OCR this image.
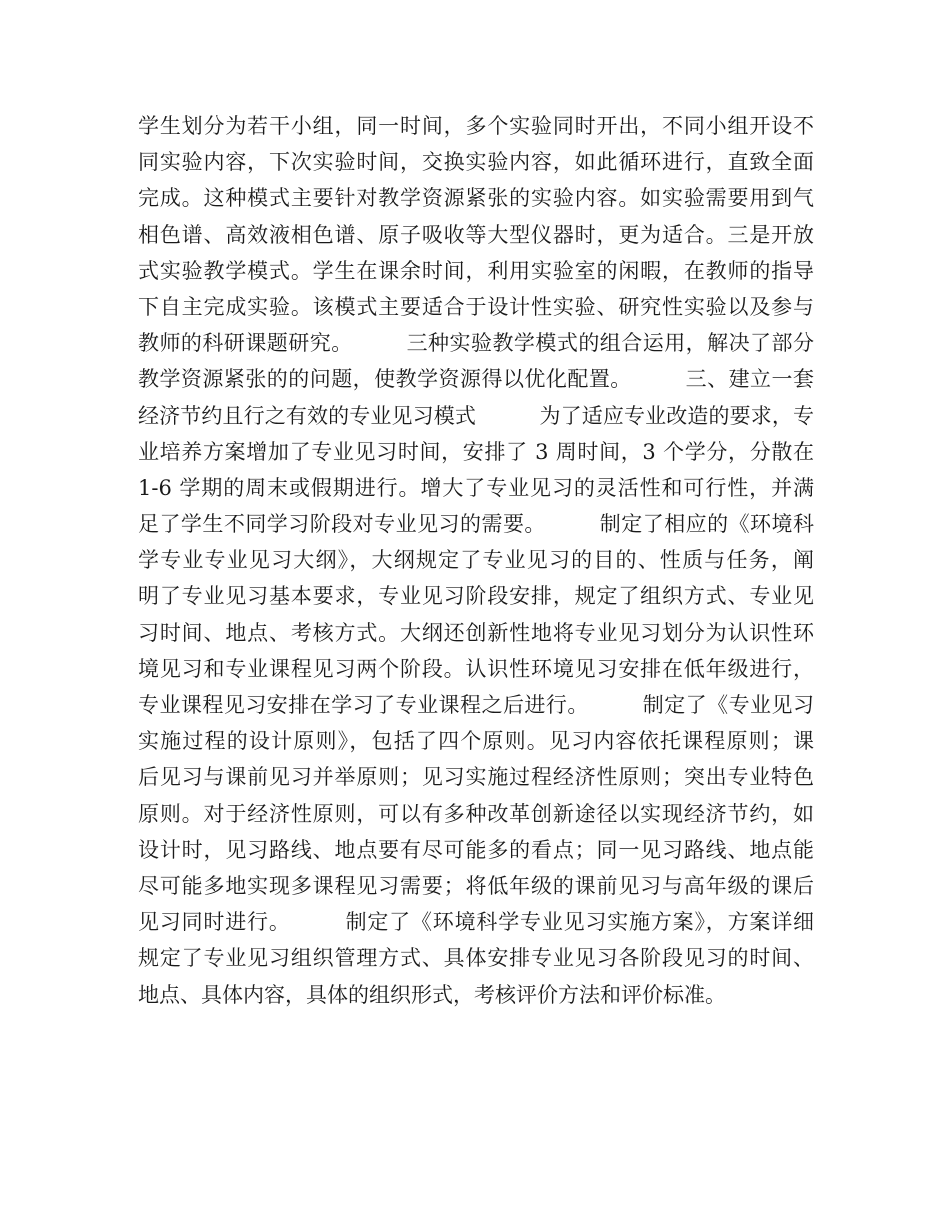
学生划分为若干小组，同一时间，多个实验同时开出，不同小组开设不
同实验内容，下次实验时间，交换实验内容，如此循环进行，直致全面
完成。这种模式主要针对教学资源紧张的实验内容。如实验需要用到气
相色谱、高效液相色谱、原子吸收等大型仪器时，更为适合。三是开放
式实验教学模式。学生在课余时间，利用实验室的闲暇，在教师的指导
下自主完成实验。该模式主要适合于设计性实验、研究性实验以及参与
教师的科研课题研究。　　　三种实验教学模式的组合运用，解决了部分
教学资源紧张的的问题，使教学资源得以优化配置。　　　三、建立一套
经济节约且行之有效的专业见习模式　　　为了适应专业改造的要求，专
业培养方案增加了专业见习时间，安排了 3 周时间，3 个学分，分散在
1-6 学期的周末或假期进行。增大了专业见习的灵活性和可行性，并满
足了学生不同学习阶段对专业见习的需要。　　　制定了相应的《环境科
学专业专业见习大纲》，大纲规定了专业见习的目的、性质与任务，阐
明了专业见习基本要求，专业见习阶段安排，规定了组织方式、专业见
习时间、地点、考核方式。大纲还创新性地将专业见习划分为认识性环
境见习和专业课程见习两个阶段。认识性环境见习安排在低年级进行，
专业课程见习安排在学习了专业课程之后进行。　　　制定了《专业见习
实施过程的设计原则》，包括了四个原则。见习内容依托课程原则；课
后见习与课前见习并举原则；见习实施过程经济性原则；突出专业特色
原则。对于经济性原则，可以有多种改革创新途径以实现经济节约，如
设计时，见习路线、地点要有尽可能多的看点；同一见习路线、地点能
尽可能多地实现多课程见习需要；将低年级的课前见习与高年级的课后
见习同时进行。　　　制定了《环境科学专业见习实施方案》，方案详细
规定了专业见习组织管理方式、具体安排专业见习各阶段见习的时间、
地点、具体内容，具体的组织形式，考核评价方法和评价标准。
